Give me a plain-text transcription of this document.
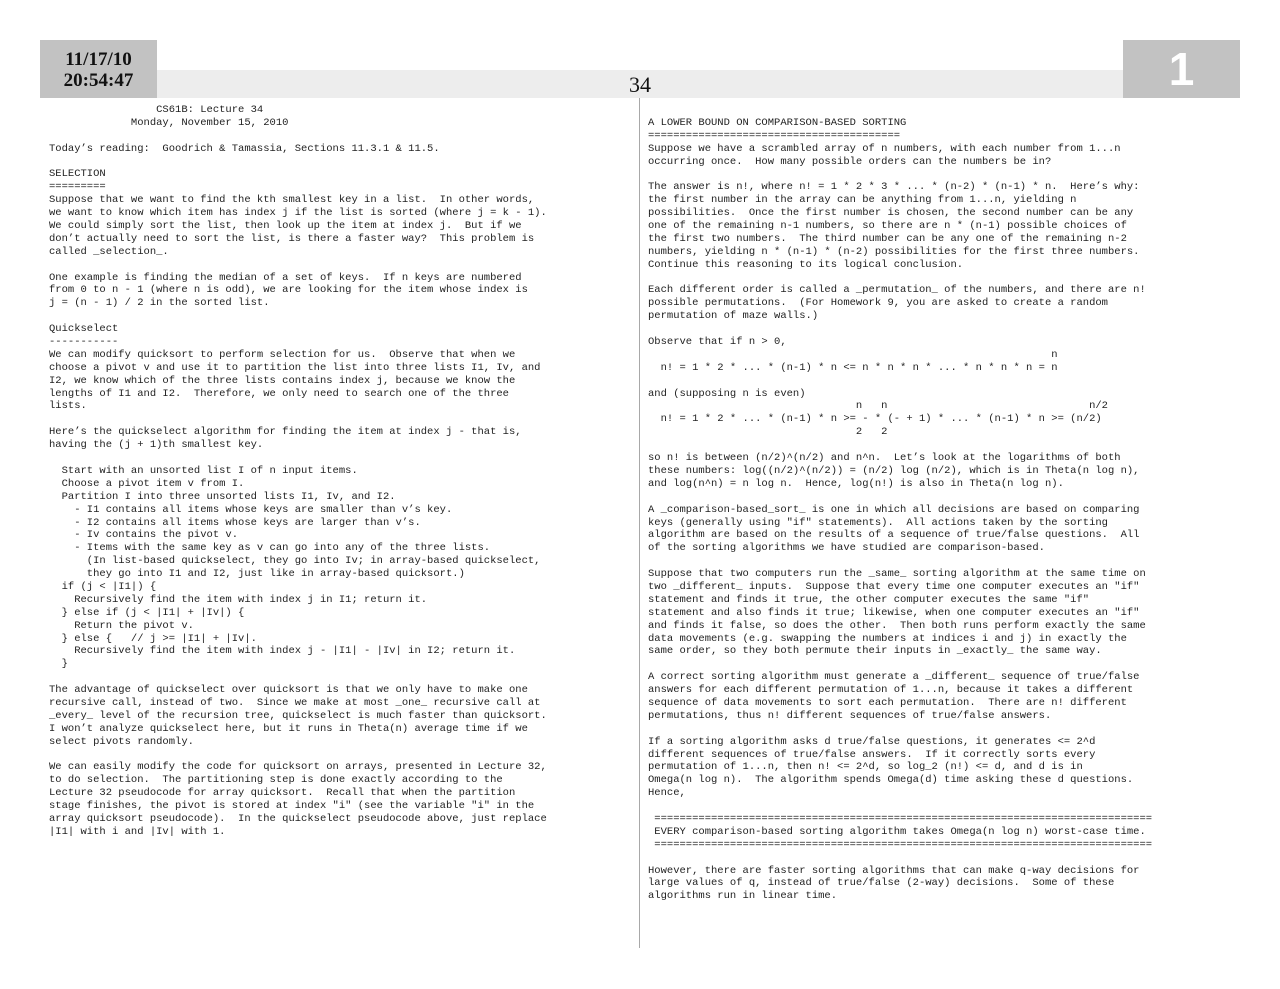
11/17/10
20:54:47	34	1
CS61B: Lecture 34
Monday, November 15, 2010
Today’s reading:  Goodrich & Tamassia, Sections 11.3.1 & 11.5.
SELECTION
=========
Suppose that we want to find the kth smallest key in a list.  In other words,
we want to know which item has index j if the list is sorted (where j = k - 1).
We could simply sort the list, then look up the item at index j.  But if we
don’t actually need to sort the list, is there a faster way?  This problem is
called _selection_.
One example is finding the median of a set of keys.  If n keys are numbered
from 0 to n - 1 (where n is odd), we are looking for the item whose index is
j = (n - 1) / 2 in the sorted list.
Quickselect
-----------
We can modify quicksort to perform selection for us.  Observe that when we
choose a pivot v and use it to partition the list into three lists I1, Iv, and
I2, we know which of the three lists contains index j, because we know the
lengths of I1 and I2.  Therefore, we only need to search one of the three
lists.
Here’s the quickselect algorithm for finding the item at index j - that is,
having the (j + 1)th smallest key.
Start with an unsorted list I of n input items.
Choose a pivot item v from I.
Partition I into three unsorted lists I1, Iv, and I2.
- I1 contains all items whose keys are smaller than v’s key.
- I2 contains all items whose keys are larger than v’s.
- Iv contains the pivot v.
- Items with the same key as v can go into any of the three lists.
(In list-based quickselect, they go into Iv; in array-based quickselect,
they go into I1 and I2, just like in array-based quicksort.)
if (j < |I1|) {
Recursively find the item with index j in I1; return it.
} else if (j < |I1| + |Iv|) {
Return the pivot v.
} else {   // j >= |I1| + |Iv|.
Recursively find the item with index j - |I1| - |Iv| in I2; return it.
}
The advantage of quickselect over quicksort is that we only have to make one
recursive call, instead of two.  Since we make at most _one_ recursive call at
_every_ level of the recursion tree, quickselect is much faster than quicksort.
I won’t analyze quickselect here, but it runs in Theta(n) average time if we
select pivots randomly.
We can easily modify the code for quicksort on arrays, presented in Lecture 32,
to do selection.  The partitioning step is done exactly according to the
Lecture 32 pseudocode for array quicksort.  Recall that when the partition
stage finishes, the pivot is stored at index "i" (see the variable "i" in the
array quicksort pseudocode).  In the quickselect pseudocode above, just replace
|I1| with i and |Iv| with 1.
A LOWER BOUND ON COMPARISON-BASED SORTING
========================================
Suppose we have a scrambled array of n numbers, with each number from 1...n
occurring once.  How many possible orders can the numbers be in?
The answer is n!, where n! = 1 * 2 * 3 * ... * (n-2) * (n-1) * n.  Here’s why:
the first number in the array can be anything from 1...n, yielding n
possibilities.  Once the first number is chosen, the second number can be any
one of the remaining n-1 numbers, so there are n * (n-1) possible choices of
the first two numbers.  The third number can be any one of the remaining n-2
numbers, yielding n * (n-1) * (n-2) possibilities for the first three numbers.
Continue this reasoning to its logical conclusion.
Each different order is called a _permutation_ of the numbers, and there are n!
possible permutations.  (For Homework 9, you are asked to create a random
permutation of maze walls.)
Observe that if n > 0,
n
n! = 1 * 2 * ... * (n-1) * n <= n * n * n * ... * n * n * n = n
and (supposing n is even)
n   n                                n/2
n! = 1 * 2 * ... * (n-1) * n >= - * (- + 1) * ... * (n-1) * n >= (n/2)
2   2
so n! is between (n/2)^(n/2) and n^n.  Let’s look at the logarithms of both
these numbers: log((n/2)^(n/2)) = (n/2) log (n/2), which is in Theta(n log n),
and log(n^n) = n log n.  Hence, log(n!) is also in Theta(n log n).
A _comparison-based_sort_ is one in which all decisions are based on comparing
keys (generally using "if" statements).  All actions taken by the sorting
algorithm are based on the results of a sequence of true/false questions.  All
of the sorting algorithms we have studied are comparison-based.
Suppose that two computers run the _same_ sorting algorithm at the same time on
two _different_ inputs.  Suppose that every time one computer executes an "if"
statement and finds it true, the other computer executes the same "if"
statement and also finds it true; likewise, when one computer executes an "if"
and finds it false, so does the other.  Then both runs perform exactly the same
data movements (e.g. swapping the numbers at indices i and j) in exactly the
same order, so they both permute their inputs in _exactly_ the same way.
A correct sorting algorithm must generate a _different_ sequence of true/false
answers for each different permutation of 1...n, because it takes a different
sequence of data movements to sort each permutation.  There are n! different
permutations, thus n! different sequences of true/false answers.
If a sorting algorithm asks d true/false questions, it generates <= 2^d
different sequences of true/false answers.  If it correctly sorts every
permutation of 1...n, then n! <= 2^d, so log_2 (n!) <= d, and d is in
Omega(n log n).  The algorithm spends Omega(d) time asking these d questions.
Hence,
===============================================================================
EVERY comparison-based sorting algorithm takes Omega(n log n) worst-case time.
===============================================================================
However, there are faster sorting algorithms that can make q-way decisions for
large values of q, instead of true/false (2-way) decisions.  Some of these
algorithms run in linear time.
